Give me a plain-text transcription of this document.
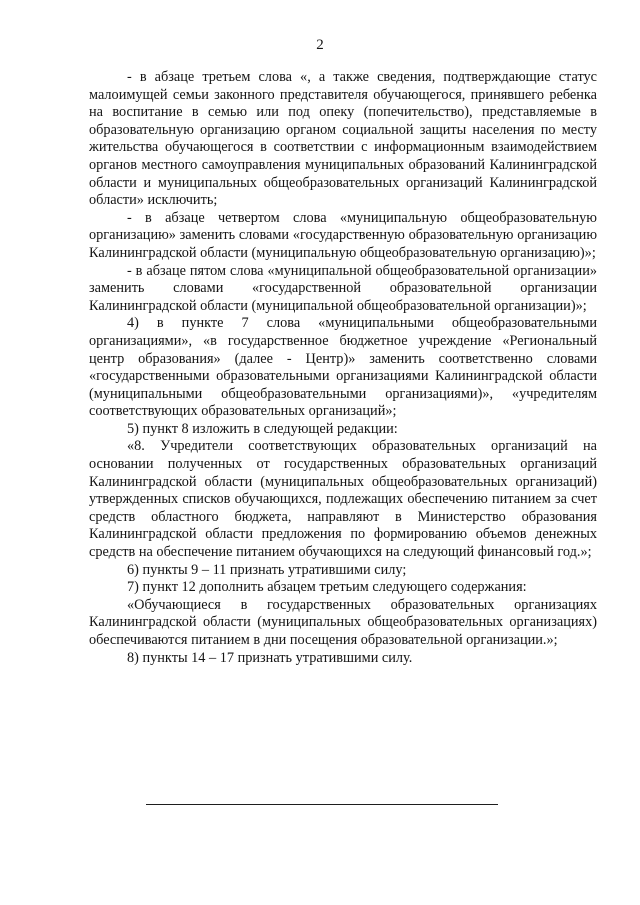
2

- в абзаце третьем слова «, а также сведения, подтверждающие статус малоимущей семьи законного представителя обучающегося, принявшего ребенка на воспитание в семью или под опеку (попечительство), представляемые в образовательную организацию органом социальной защиты населения по месту жительства обучающегося в соответствии с информационным взаимодействием органов местного самоуправления муниципальных образований Калининградской области и муниципальных общеобразовательных организаций Калининградской области» исключить;

- в абзаце четвертом слова «муниципальную общеобразовательную организацию» заменить словами «государственную образовательную организацию Калининградской области (муниципальную общеобразовательную организацию)»;

- в абзаце пятом слова «муниципальной общеобразовательной организации» заменить словами «государственной образовательной организации Калининградской области (муниципальной общеобразовательной организации)»;

4) в пункте 7 слова «муниципальными общеобразовательными организациями», «в государственное бюджетное учреждение «Региональный центр образования» (далее - Центр)» заменить соответственно словами «государственными образовательными организациями Калининградской области (муниципальными общеобразовательными организациями)», «учредителям соответствующих образовательных организаций»;

5) пункт 8 изложить в следующей редакции:

«8. Учредители соответствующих образовательных организаций на основании полученных от государственных образовательных организаций Калининградской области (муниципальных общеобразовательных организаций) утвержденных списков обучающихся, подлежащих обеспечению питанием за счет средств областного бюджета, направляют в Министерство образования Калининградской области предложения по формированию объемов денежных средств на обеспечение питанием обучающихся на следующий финансовый год.»;

6) пункты 9 – 11 признать утратившими силу;

7) пункт 12 дополнить абзацем третьим следующего содержания:

«Обучающиеся в государственных образовательных организациях Калининградской области (муниципальных общеобразовательных организациях) обеспечиваются питанием в дни посещения образовательной организации.»;

8) пункты 14 – 17 признать утратившими силу.
